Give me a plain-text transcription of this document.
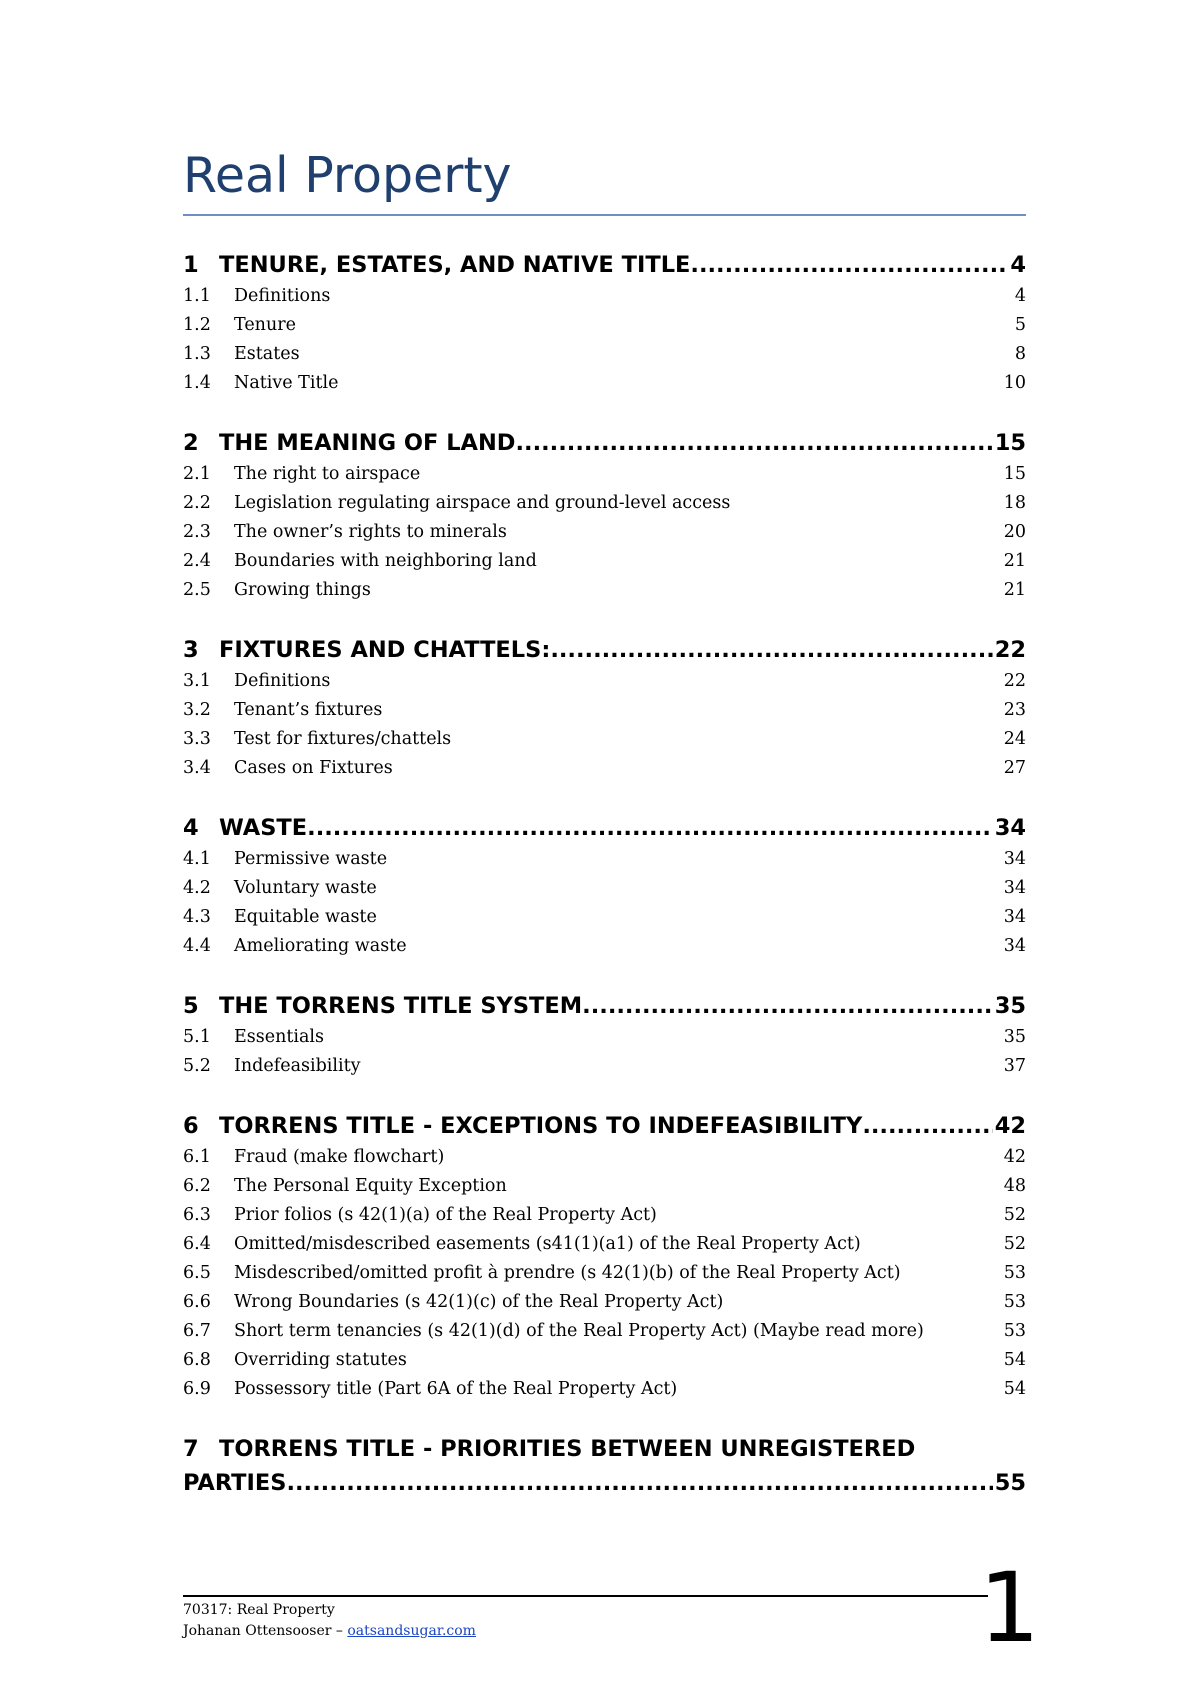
Real Property
1 TENURE, ESTATES, AND NATIVE TITLE .....	4
1.1	Definitions	4
1.2	Tenure	5
1.3	Estates	8
1.4	Native Title	10
2 THE MEANING OF LAND .....	15
2.1	The right to airspace	15
2.2	Legislation regulating airspace and ground-level access	18
2.3	The owner’s rights to minerals	20
2.4	Boundaries with neighboring land	21
2.5	Growing things	21
3 FIXTURES AND CHATTELS: .....	22
3.1	Definitions	22
3.2	Tenant’s fixtures	23
3.3	Test for fixtures/chattels	24
3.4	Cases on Fixtures	27
4 WASTE .....	34
4.1	Permissive waste	34
4.2	Voluntary waste	34
4.3	Equitable waste	34
4.4	Ameliorating waste	34
5 THE TORRENS TITLE SYSTEM .....	35
5.1	Essentials	35
5.2	Indefeasibility	37
6 TORRENS TITLE - EXCEPTIONS TO INDEFEASIBILITY .....	42
6.1	Fraud (make flowchart)	42
6.2	The Personal Equity Exception	48
6.3	Prior folios (s 42(1)(a) of the Real Property Act)	52
6.4	Omitted/misdescribed easements (s41(1)(a1) of the Real Property Act)	52
6.5	Misdescribed/omitted profit à prendre (s 42(1)(b) of the Real Property Act)	53
6.6	Wrong Boundaries (s 42(1)(c) of the Real Property Act)	53
6.7	Short term tenancies (s 42(1)(d) of the Real Property Act) (Maybe read more)	53
6.8	Overriding statutes	54
6.9	Possessory title (Part 6A of the Real Property Act)	54
7 TORRENS TITLE - PRIORITIES BETWEEN UNREGISTERED
PARTIES .....	55
70317: Real Property
Johanan Ottensooser – oatsandsugar.com	1
